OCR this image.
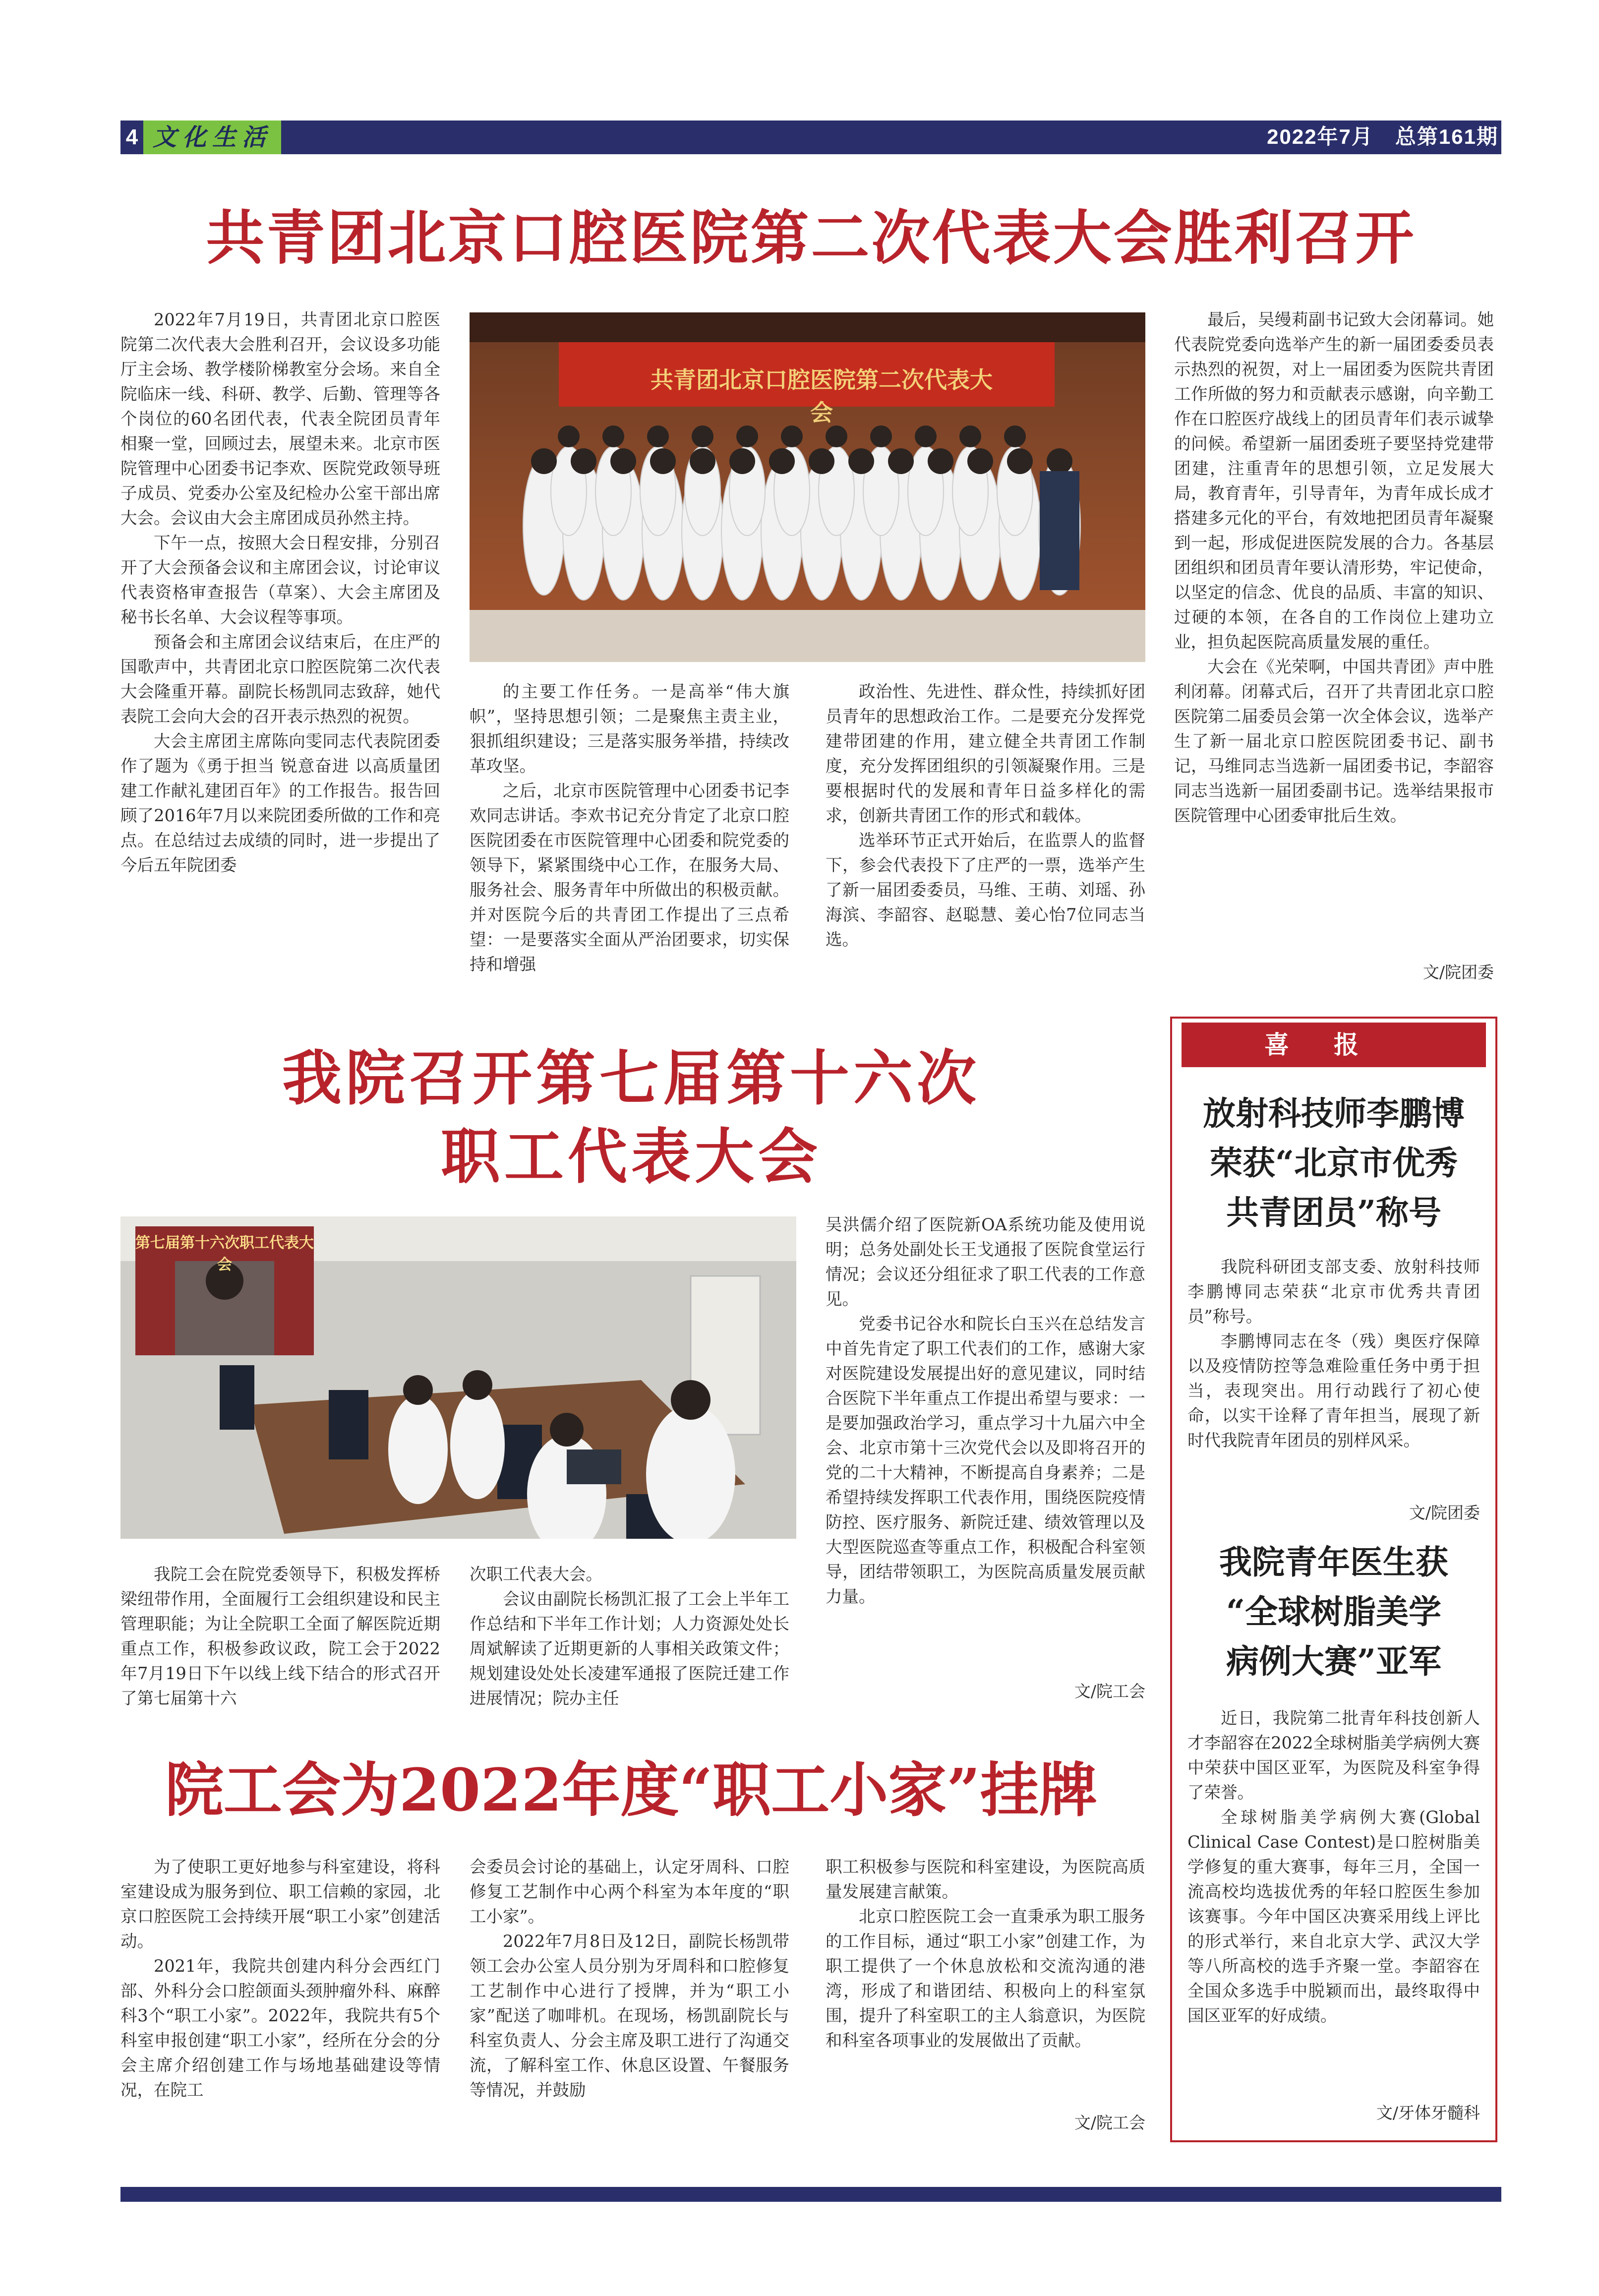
4 文化生活	2022年7月　总第161期
共青团北京口腔医院第二次代表大会胜利召开

2022年7月19日，共青团北京口腔医院第二次代表大会胜利召开，会议设多功能厅主会场、教学楼阶梯教室分会场。来自全院临床一线、科研、教学、后勤、管理等各个岗位的60名团代表，代表全院团员青年相聚一堂，回顾过去，展望未来。北京市医院管理中心团委书记李欢、医院党政领导班子成员、党委办公室及纪检办公室干部出席大会。会议由大会主席团成员孙然主持。

下午一点，按照大会日程安排，分别召开了大会预备会议和主席团会议，讨论审议代表资格审查报告（草案）、大会主席团及秘书长名单、大会议程等事项。

预备会和主席团会议结束后，在庄严的国歌声中，共青团北京口腔医院第二次代表大会隆重开幕。副院长杨凯同志致辞，她代表院工会向大会的召开表示热烈的祝贺。

大会主席团主席陈向雯同志代表院团委作了题为《勇于担当 锐意奋进 以高质量团建工作献礼建团百年》的工作报告。报告回顾了2016年7月以来院团委所做的工作和亮点。在总结过去成绩的同时，进一步提出了今后五年院团委

共青团北京口腔医院第二次代表大会

的主要工作任务。一是高举“伟大旗帜”，坚持思想引领；二是聚焦主责主业，狠抓组织建设；三是落实服务举措，持续改革攻坚。

之后，北京市医院管理中心团委书记李欢同志讲话。李欢书记充分肯定了北京口腔医院团委在市医院管理中心团委和院党委的领导下，紧紧围绕中心工作，在服务大局、服务社会、服务青年中所做出的积极贡献。并对医院今后的共青团工作提出了三点希望：一是要落实全面从严治团要求，切实保持和增强

政治性、先进性、群众性，持续抓好团员青年的思想政治工作。二是要充分发挥党建带团建的作用，建立健全共青团工作制度，充分发挥团组织的引领凝聚作用。三是要根据时代的发展和青年日益多样化的需求，创新共青团工作的形式和载体。

选举环节正式开始后，在监票人的监督下，参会代表投下了庄严的一票，选举产生了新一届团委委员，马维、王萌、刘瑶、孙海滨、李韶容、赵聪慧、姜心怡7位同志当选。

最后，吴缦莉副书记致大会闭幕词。她代表院党委向选举产生的新一届团委委员表示热烈的祝贺，对上一届团委为医院共青团工作所做的努力和贡献表示感谢，向辛勤工作在口腔医疗战线上的团员青年们表示诚挚的问候。希望新一届团委班子要坚持党建带团建，注重青年的思想引领，立足发展大局，教育青年，引导青年，为青年成长成才搭建多元化的平台，有效地把团员青年凝聚到一起，形成促进医院发展的合力。各基层团组织和团员青年要认清形势，牢记使命，以坚定的信念、优良的品质、丰富的知识、过硬的本领，在各自的工作岗位上建功立业，担负起医院高质量发展的重任。

大会在《光荣啊，中国共青团》声中胜利闭幕。闭幕式后，召开了共青团北京口腔医院第二届委员会第一次全体会议，选举产生了新一届北京口腔医院团委书记、副书记，马维同志当选新一届团委书记，李韶容同志当选新一届团委副书记。选举结果报市医院管理中心团委审批后生效。

文/院团委
我院召开第七届第十六次
职工代表大会
第七届第十六次职工代表大会

吴洪儒介绍了医院新OA系统功能及使用说明；总务处副处长王戈通报了医院食堂运行情况；会议还分组征求了职工代表的工作意见。

党委书记谷水和院长白玉兴在总结发言中首先肯定了职工代表们的工作，感谢大家对医院建设发展提出好的意见建议，同时结合医院下半年重点工作提出希望与要求：一是要加强政治学习，重点学习十九届六中全会、北京市第十三次党代会以及即将召开的党的二十大精神，不断提高自身素养；二是希望持续发挥职工代表作用，围绕医院疫情防控、医疗服务、新院迁建、绩效管理以及大型医院巡查等重点工作，积极配合科室领导，团结带领职工，为医院高质量发展贡献力量。

我院工会在院党委领导下，积极发挥桥梁纽带作用，全面履行工会组织建设和民主管理职能；为让全院职工全面了解医院近期重点工作，积极参政议政，院工会于2022年7月19日下午以线上线下结合的形式召开了第七届第十六

次职工代表大会。

会议由副院长杨凯汇报了工会上半年工作总结和下半年工作计划；人力资源处处长周斌解读了近期更新的人事相关政策文件；规划建设处处长凌建军通报了医院迁建工作进展情况；院办主任	文/院工会
院工会为2022年度“职工小家”挂牌

为了使职工更好地参与科室建设，将科室建设成为服务到位、职工信赖的家园，北京口腔医院工会持续开展“职工小家”创建活动。

2021年，我院共创建内科分会西红门部、外科分会口腔颌面头颈肿瘤外科、麻醉科3个“职工小家”。2022年，我院共有5个科室申报创建“职工小家”，经所在分会的分会主席介绍创建工作与场地基础建设等情况，在院工

会委员会讨论的基础上，认定牙周科、口腔修复工艺制作中心两个科室为本年度的“职工小家”。

2022年7月8日及12日，副院长杨凯带领工会办公室人员分别为牙周科和口腔修复工艺制作中心进行了授牌，并为“职工小家”配送了咖啡机。在现场，杨凯副院长与科室负责人、分会主席及职工进行了沟通交流，了解科室工作、休息区设置、午餐服务等情况，并鼓励

职工积极参与医院和科室建设，为医院高质量发展建言献策。

北京口腔医院工会一直秉承为职工服务的工作目标，通过“职工小家”创建工作，为职工提供了一个休息放松和交流沟通的港湾，形成了和谐团结、积极向上的科室氛围，提升了科室职工的主人翁意识，为医院和科室各项事业的发展做出了贡献。

文/院工会
喜报
放射科技师李鹏博
荣获“北京市优秀
共青团员”称号

我院科研团支部支委、放射科技师李鹏博同志荣获“北京市优秀共青团员”称号。

李鹏博同志在冬（残）奥医疗保障以及疫情防控等急难险重任务中勇于担当，表现突出。用行动践行了初心使命，以实干诠释了青年担当，展现了新时代我院青年团员的别样风采。

文/院团委
我院青年医生获
“全球树脂美学
病例大赛”亚军

近日，我院第二批青年科技创新人才李韶容在2022全球树脂美学病例大赛中荣获中国区亚军，为医院及科室争得了荣誉。

全球树脂美学病例大赛(Global Clinical Case Contest)是口腔树脂美学修复的重大赛事，每年三月，全国一流高校均选拔优秀的年轻口腔医生参加该赛事。今年中国区决赛采用线上评比的形式举行，来自北京大学、武汉大学等八所高校的选手齐聚一堂。李韶容在全国众多选手中脱颖而出，最终取得中国区亚军的好成绩。

文/牙体牙髓科
